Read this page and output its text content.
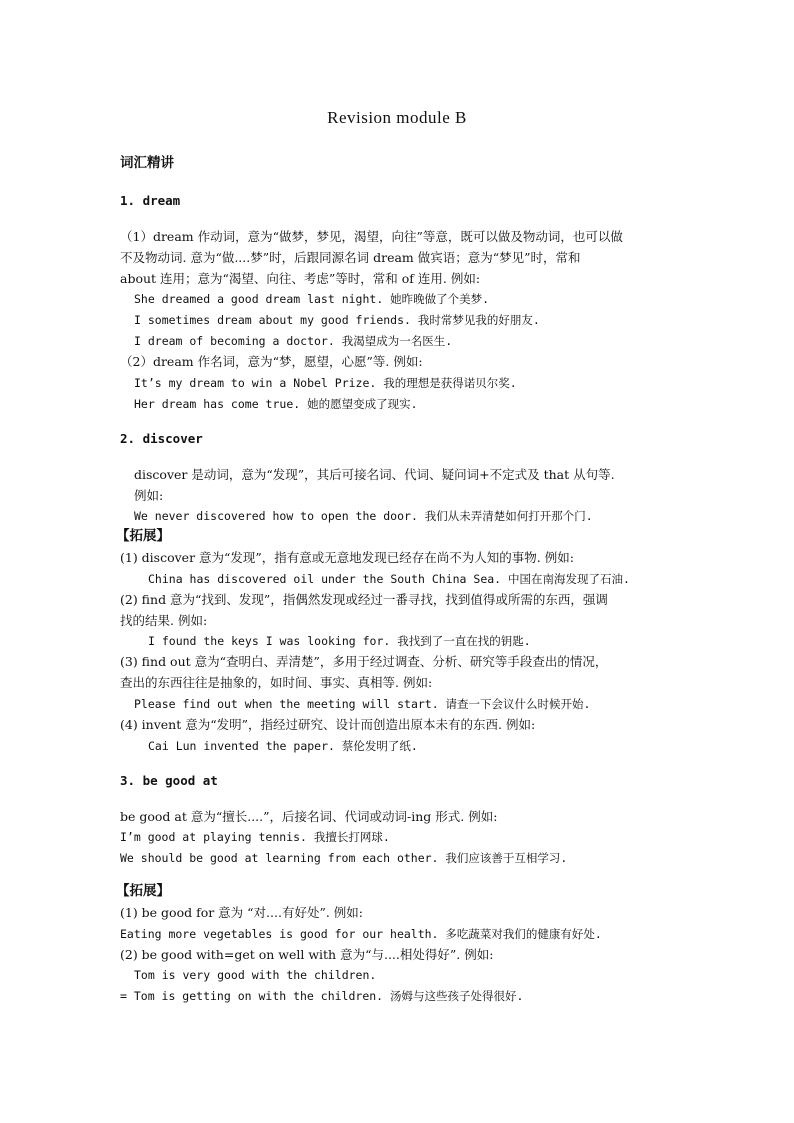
Revision module B
词汇精讲
1. dream
（1）dream 作动词，意为“做梦，梦见，渴望，向往”等意，既可以做及物动词，也可以做
不及物动词. 意为“做....梦”时，后跟同源名词 dream 做宾语；意为“梦见”时，常和
about 连用；意为“渴望、向往、考虑”等时，常和 of 连用. 例如:
She dreamed a good dream last night. 她昨晚做了个美梦.
I sometimes dream about my good friends. 我时常梦见我的好朋友.
I dream of becoming a doctor. 我渴望成为一名医生.
（2）dream 作名词，意为“梦，愿望，心愿”等. 例如:
It’s my dream to win a Nobel Prize. 我的理想是获得诺贝尔奖.
Her dream has come true. 她的愿望变成了现实.
2. discover
discover 是动词，意为“发现”，其后可接名词、代词、疑问词+不定式及 that 从句等.
例如:
We never discovered how to open the door. 我们从未弄清楚如何打开那个门.
【拓展】
(1) discover 意为“发现”，指有意或无意地发现已经存在尚不为人知的事物. 例如:
China has discovered oil under the South China Sea. 中国在南海发现了石油.
(2) find 意为“找到、发现”，指偶然发现或经过一番寻找，找到值得或所需的东西，强调
找的结果. 例如:
I found the keys I was looking for. 我找到了一直在找的钥匙.
(3) find out 意为“查明白、弄清楚”，多用于经过调查、分析、研究等手段查出的情况，
查出的东西往往是抽象的，如时间、事实、真相等. 例如:
Please find out when the meeting will start. 请查一下会议什么时候开始.
(4) invent 意为“发明”，指经过研究、设计而创造出原本未有的东西. 例如:
Cai Lun invented the paper. 蔡伦发明了纸.
3. be good at
be good at 意为“擅长....”，后接名词、代词或动词-ing 形式. 例如:
I’m good at playing tennis. 我擅长打网球.
We should be good at learning from each other. 我们应该善于互相学习.
【拓展】
(1) be good for 意为 “对....有好处”. 例如:
Eating more vegetables is good for our health. 多吃蔬菜对我们的健康有好处.
(2) be good with=get on well with 意为“与....相处得好”. 例如:
Tom is very good with the children.
= Tom is getting on with the children. 汤姆与这些孩子处得很好.
